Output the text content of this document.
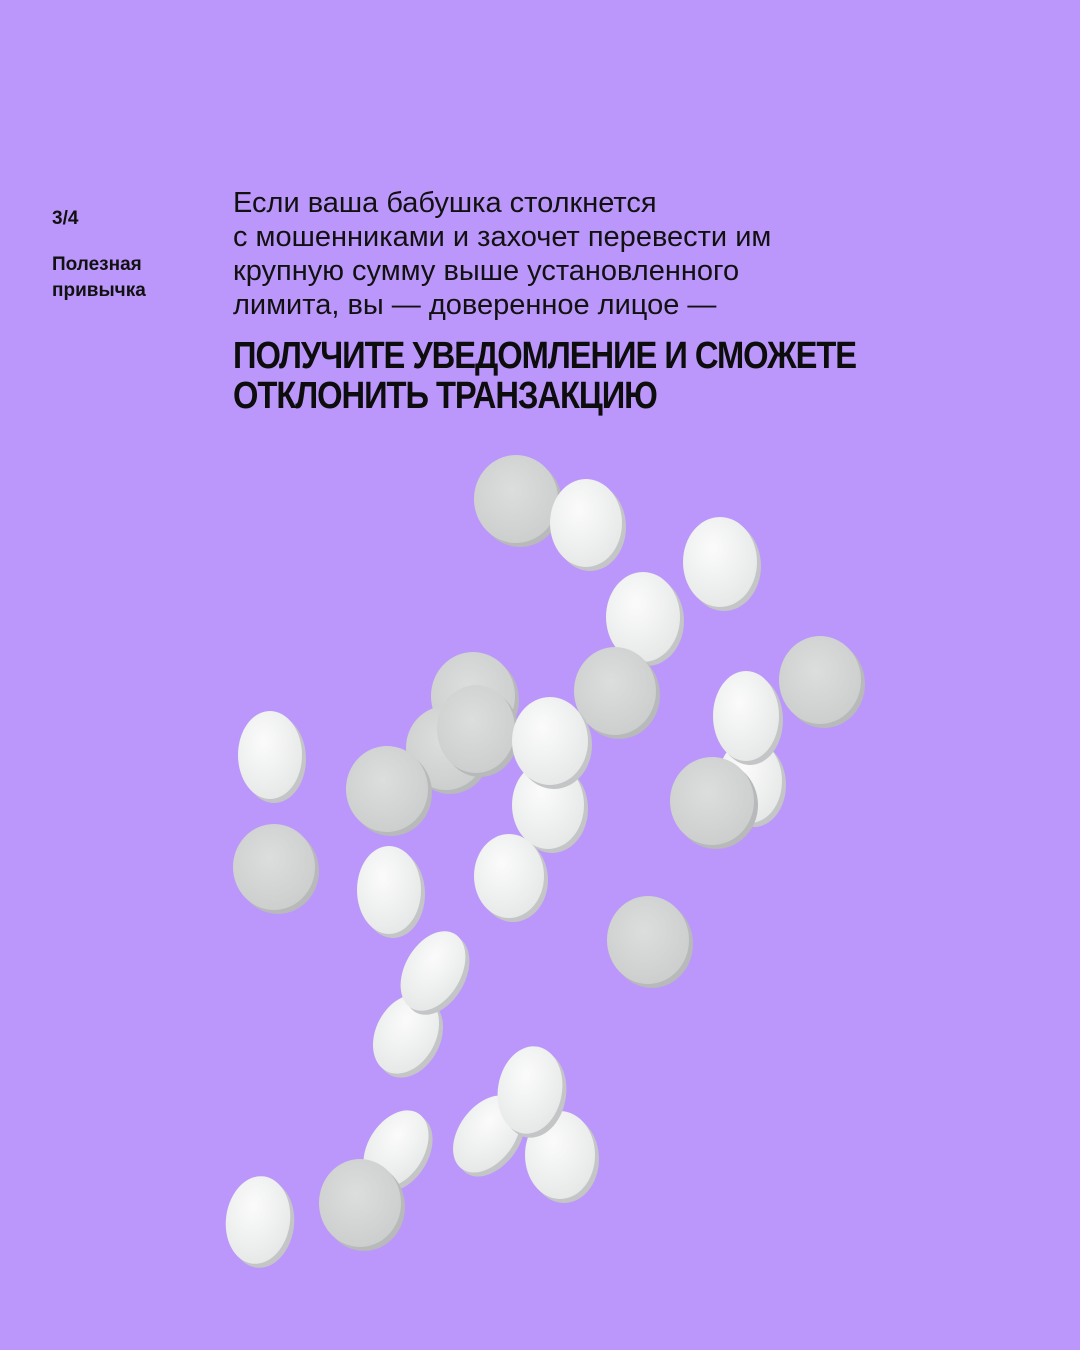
3/4
Полезная
привычка
Если ваша бабушка столкнется
с мошенниками и захочет перевести им
крупную сумму выше установленного
лимита, вы — доверенное лицое —
ПОЛУЧИТЕ УВЕДОМЛЕНИЕ И СМОЖЕТЕ
ОТКЛОНИТЬ ТРАНЗАКЦИЮ
